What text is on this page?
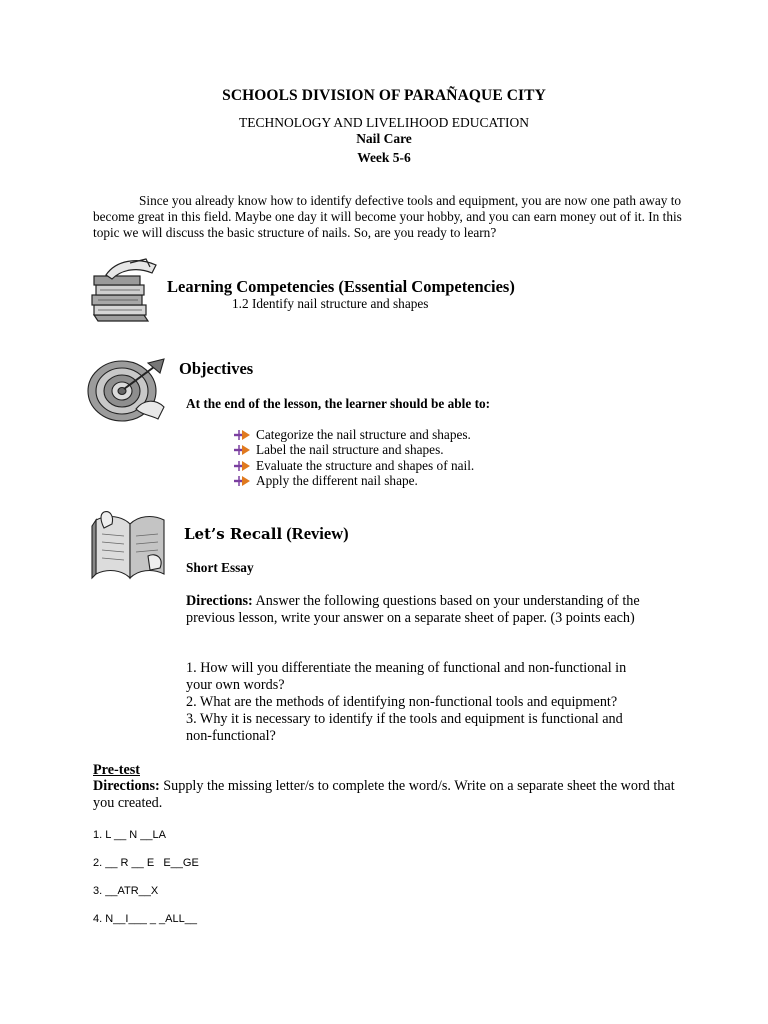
SCHOOLS DIVISION OF PARAÑAQUE CITY
TECHNOLOGY AND LIVELIHOOD EDUCATION
Nail Care
Week 5-6
Since you already know how to identify defective tools and equipment, you are now one path away to become great in this field. Maybe one day it will become your hobby, and you can earn money out of it. In this topic we will discuss the basic structure of nails. So, are you ready to learn?
Learning Competencies (Essential Competencies)
1.2 Identify nail structure and shapes
Objectives
At the end of the lesson, the learner should be able to:
Categorize the nail structure and shapes.
Label the nail structure and shapes.
Evaluate the structure and shapes of nail.
Apply the different nail shape.
Let’s Recall (Review)
Short Essay
Directions: Answer the following questions based on your understanding of the previous lesson, write your answer on a separate sheet of paper. (3 points each)
1. How will you differentiate the meaning of functional and non-functional in
your own words?
2. What are the methods of identifying non-functional tools and equipment?
3. Why it is necessary to identify if the tools and equipment is functional and
non-functional?
Pre-test
Directions: Supply the missing letter/s to complete the word/s. Write on a separate sheet the word that you created.
1. L __ N __LA
2. __ R __ E   E__GE
3. __ATR__X
4. N__I___ _ _ALL__
